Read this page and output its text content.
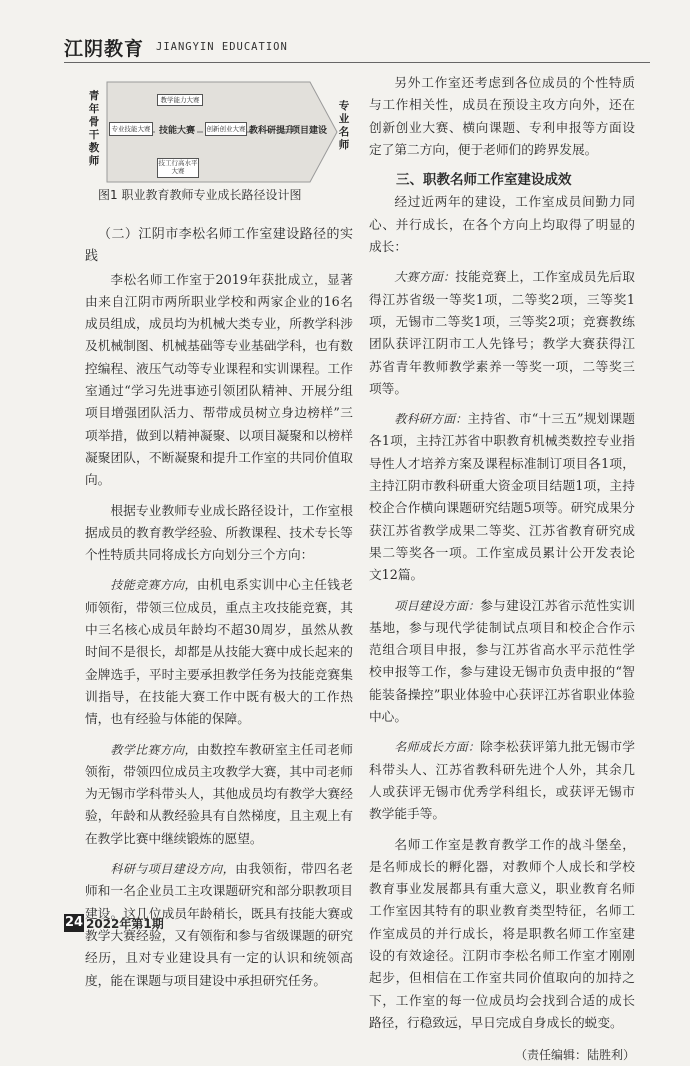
江阴教育 JIANGYIN EDUCATION
青年骨干教师
专业名师
教学能力大赛
专业技能大赛 技能大赛 创新创业大赛
技工行高水平大赛
教科研提升
项目建设
图1 职业教育教师专业成长路径设计图

（二）江阴市李松名师工作室建设路径的实践

李松名师工作室于2019年获批成立，显著由来自江阴市两所职业学校和两家企业的16名成员组成，成员均为机械大类专业，所教学科涉及机械制图、机械基础等专业基础学科，也有数控编程、液压气动等专业课程和实训课程。工作室通过“学习先进事迹引领团队精神、开展分组项目增强团队活力、帮带成员树立身边榜样”三项举措，做到以精神凝聚、以项目凝聚和以榜样凝聚团队，不断凝聚和提升工作室的共同价值取向。

根据专业教师专业成长路径设计，工作室根据成员的教育教学经验、所教课程、技术专长等个性特质共同将成长方向划分三个方向：

技能竞赛方向，由机电系实训中心主任钱老师领衔，带领三位成员，重点主攻技能竞赛，其中三名核心成员年龄均不超30周岁，虽然从教时间不是很长，却都是从技能大赛中成长起来的金牌选手，平时主要承担教学任务为技能竞赛集训指导，在技能大赛工作中既有极大的工作热情，也有经验与体能的保障。

教学比赛方向，由数控车教研室主任司老师领衔，带领四位成员主攻教学大赛，其中司老师为无锡市学科带头人，其他成员均有教学大赛经验，年龄和从教经验具有自然梯度，且主观上有在教学比赛中继续锻炼的愿望。

科研与项目建设方向，由我领衔，带四名老师和一名企业员工主攻课题研究和部分职教项目建设。这几位成员年龄稍长，既具有技能大赛或教学大赛经验，又有领衔和参与省级课题的研究经历，且对专业建设具有一定的认识和统领高度，能在课题与项目建设中承担研究任务。

另外工作室还考虑到各位成员的个性特质与工作相关性，成员在预设主攻方向外，还在创新创业大赛、横向课题、专利申报等方面设定了第二方向，便于老师们的跨界发展。

三、职教名师工作室建设成效

经过近两年的建设，工作室成员间勤力同心、并行成长，在各个方向上均取得了明显的成长：

大赛方面：技能竞赛上，工作室成员先后取得江苏省级一等奖1项，二等奖2项，三等奖1项，无锡市二等奖1项，三等奖2项；竞赛教练团队获评江阴市工人先锋号；教学大赛获得江苏省青年教师教学素养一等奖一项，二等奖三项等。

教科研方面：主持省、市“十三五”规划课题各1项，主持江苏省中职教育机械类数控专业指导性人才培养方案及课程标准制订项目各1项，主持江阴市教科研重大资金项目结题1项，主持校企合作横向课题研究结题5项等。研究成果分获江苏省教学成果二等奖、江苏省教育研究成果二等奖各一项。工作室成员累计公开发表论文12篇。

项目建设方面：参与建设江苏省示范性实训基地，参与现代学徒制试点项目和校企合作示范组合项目申报，参与江苏省高水平示范性学校申报等工作，参与建设无锡市负责申报的“智能装备操控”职业体验中心获评江苏省职业体验中心。

名师成长方面：除李松获评第九批无锡市学科带头人、江苏省教科研先进个人外，其余几人或获评无锡市优秀学科组长，或获评无锡市教学能手等。

名师工作室是教育教学工作的战斗堡垒，是名师成长的孵化器，对教师个人成长和学校教育事业发展都具有重大意义，职业教育名师工作室因其特有的职业教育类型特征，名师工作室成员的并行成长，将是职教名师工作室建设的有效途径。江阴市李松名师工作室才刚刚起步，但相信在工作室共同价值取向的加持之下，工作室的每一位成员均会找到合适的成长路径，行稳致远，早日完成自身成长的蜕变。

（责任编辑：陆胜利）

24 2022年第1期
